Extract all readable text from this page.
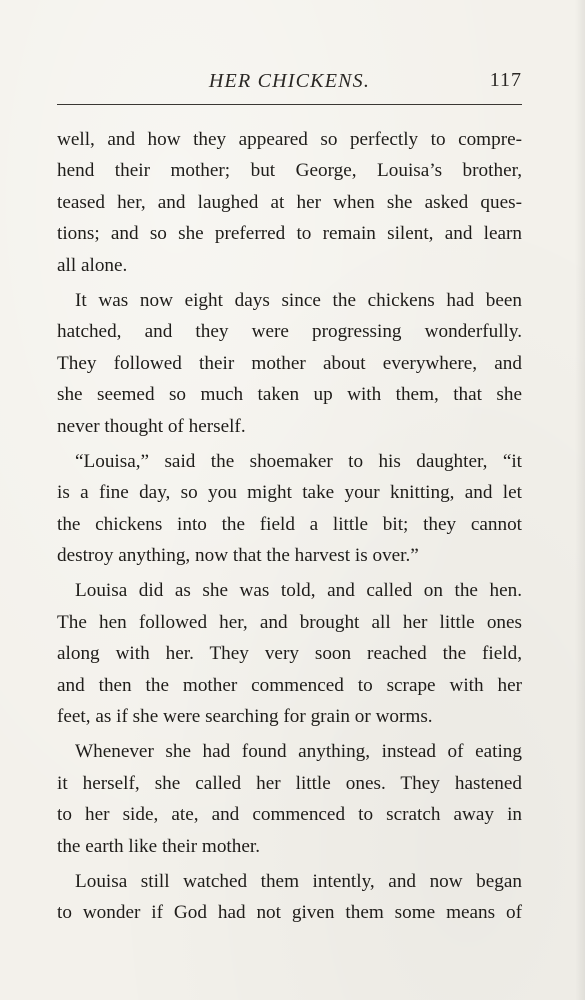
HER CHICKENS.	117
well, and how they appeared so perfectly to compre-
hend their mother; but George, Louisa’s brother,
teased her, and laughed at her when she asked ques-
tions; and so she preferred to remain silent, and learn
all alone.
It was now eight days since the chickens had been
hatched, and they were progressing wonderfully.
They followed their mother about everywhere, and
she seemed so much taken up with them, that she
never thought of herself.
“Louisa,” said the shoemaker to his daughter, “it
is a fine day, so you might take your knitting, and let
the chickens into the field a little bit; they cannot
destroy anything, now that the harvest is over.”
Louisa did as she was told, and called on the hen.
The hen followed her, and brought all her little ones
along with her. They very soon reached the field,
and then the mother commenced to scrape with her
feet, as if she were searching for grain or worms.
Whenever she had found anything, instead of eating
it herself, she called her little ones. They hastened
to her side, ate, and commenced to scratch away in
the earth like their mother.
Louisa still watched them intently, and now began
to wonder if God had not given them some means of
